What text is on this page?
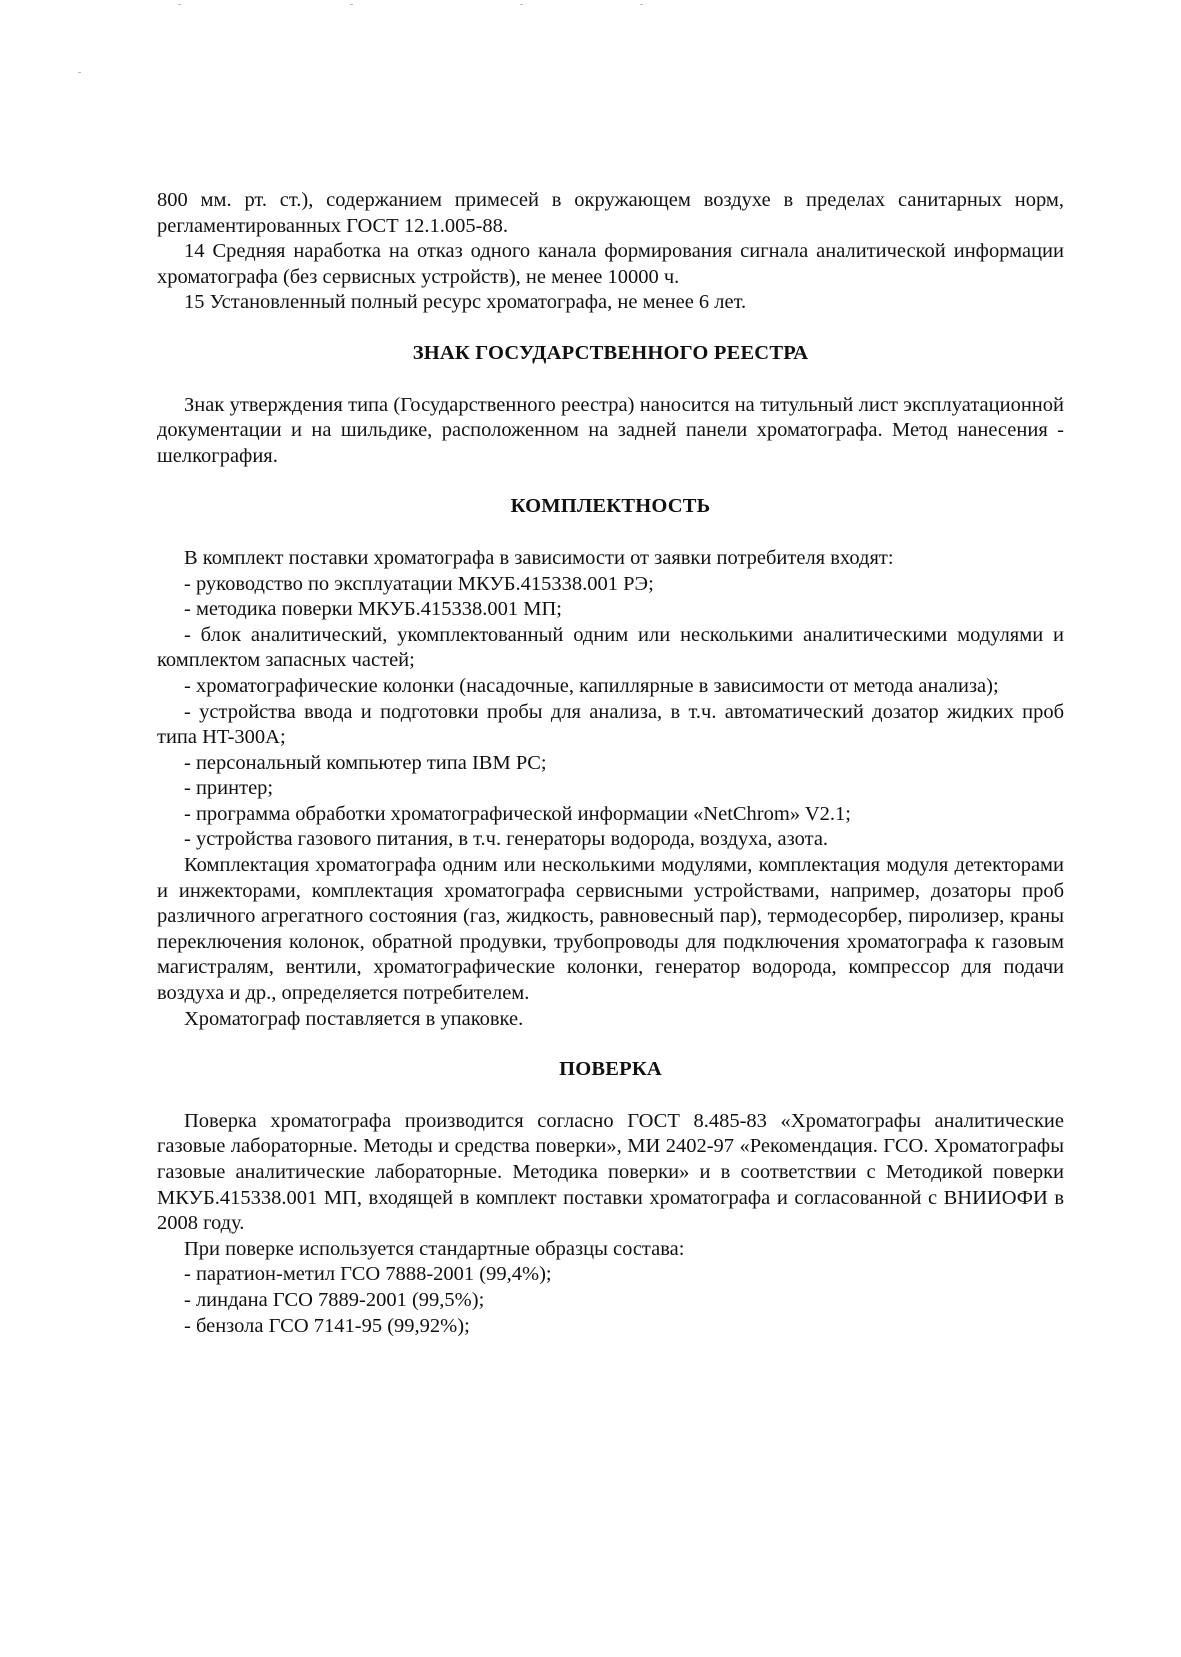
800 мм. рт. ст.), содержанием примесей в окружающем воздухе в пределах санитарных норм, регламентированных ГОСТ 12.1.005-88.

14 Средняя наработка на отказ одного канала формирования сигнала аналитической информации хроматографа (без сервисных устройств), не менее 10000 ч.

15 Установленный полный ресурс хроматографа, не менее 6 лет.

ЗНАК ГОСУДАРСТВЕННОГО РЕЕСТРА

Знак утверждения типа (Государственного реестра) наносится на титульный лист эксплуатационной документации и на шильдике, расположенном на задней панели хроматографа. Метод нанесения - шелкография.

КОМПЛЕКТНОСТЬ

В комплект поставки хроматографа в зависимости от заявки потребителя входят:

- руководство по эксплуатации МКУБ.415338.001 РЭ;

- методика поверки МКУБ.415338.001 МП;

- блок аналитический, укомплектованный одним или несколькими аналитическими модулями и комплектом запасных частей;

- хроматографические колонки (насадочные, капиллярные в зависимости от метода анализа);

- устройства ввода и подготовки пробы для анализа, в т.ч. автоматический дозатор жидких проб типа HT-300A;

- персональный компьютер типа IBM PC;

- принтер;

- программа обработки хроматографической информации «NetChrom» V2.1;

- устройства газового питания, в т.ч. генераторы водорода, воздуха, азота.

Комплектация хроматографа одним или несколькими модулями, комплектация модуля детекторами и инжекторами, комплектация хроматографа сервисными устройствами, например, дозаторы проб различного агрегатного состояния (газ, жидкость, равновесный пар), термодесорбер, пиролизер, краны переключения колонок, обратной продувки, трубопроводы для подключения хроматографа к газовым магистралям, вентили, хроматографические колонки, генератор водорода, компрессор для подачи воздуха и др., определяется потребителем.

Хроматограф поставляется в упаковке.

ПОВЕРКА

Поверка хроматографа производится согласно ГОСТ 8.485-83 «Хроматографы аналитические газовые лабораторные. Методы и средства поверки», МИ 2402-97 «Рекомендация. ГСО. Хроматографы газовые аналитические лабораторные. Методика поверки» и в соответствии с Методикой поверки МКУБ.415338.001 МП, входящей в комплект поставки хроматографа и согласованной с ВНИИОФИ в 2008 году.

При поверке используется стандартные образцы состава:

- паратион-метил ГСО 7888-2001 (99,4%);

- линдана ГСО 7889-2001 (99,5%);

- бензола ГСО 7141-95 (99,92%);
